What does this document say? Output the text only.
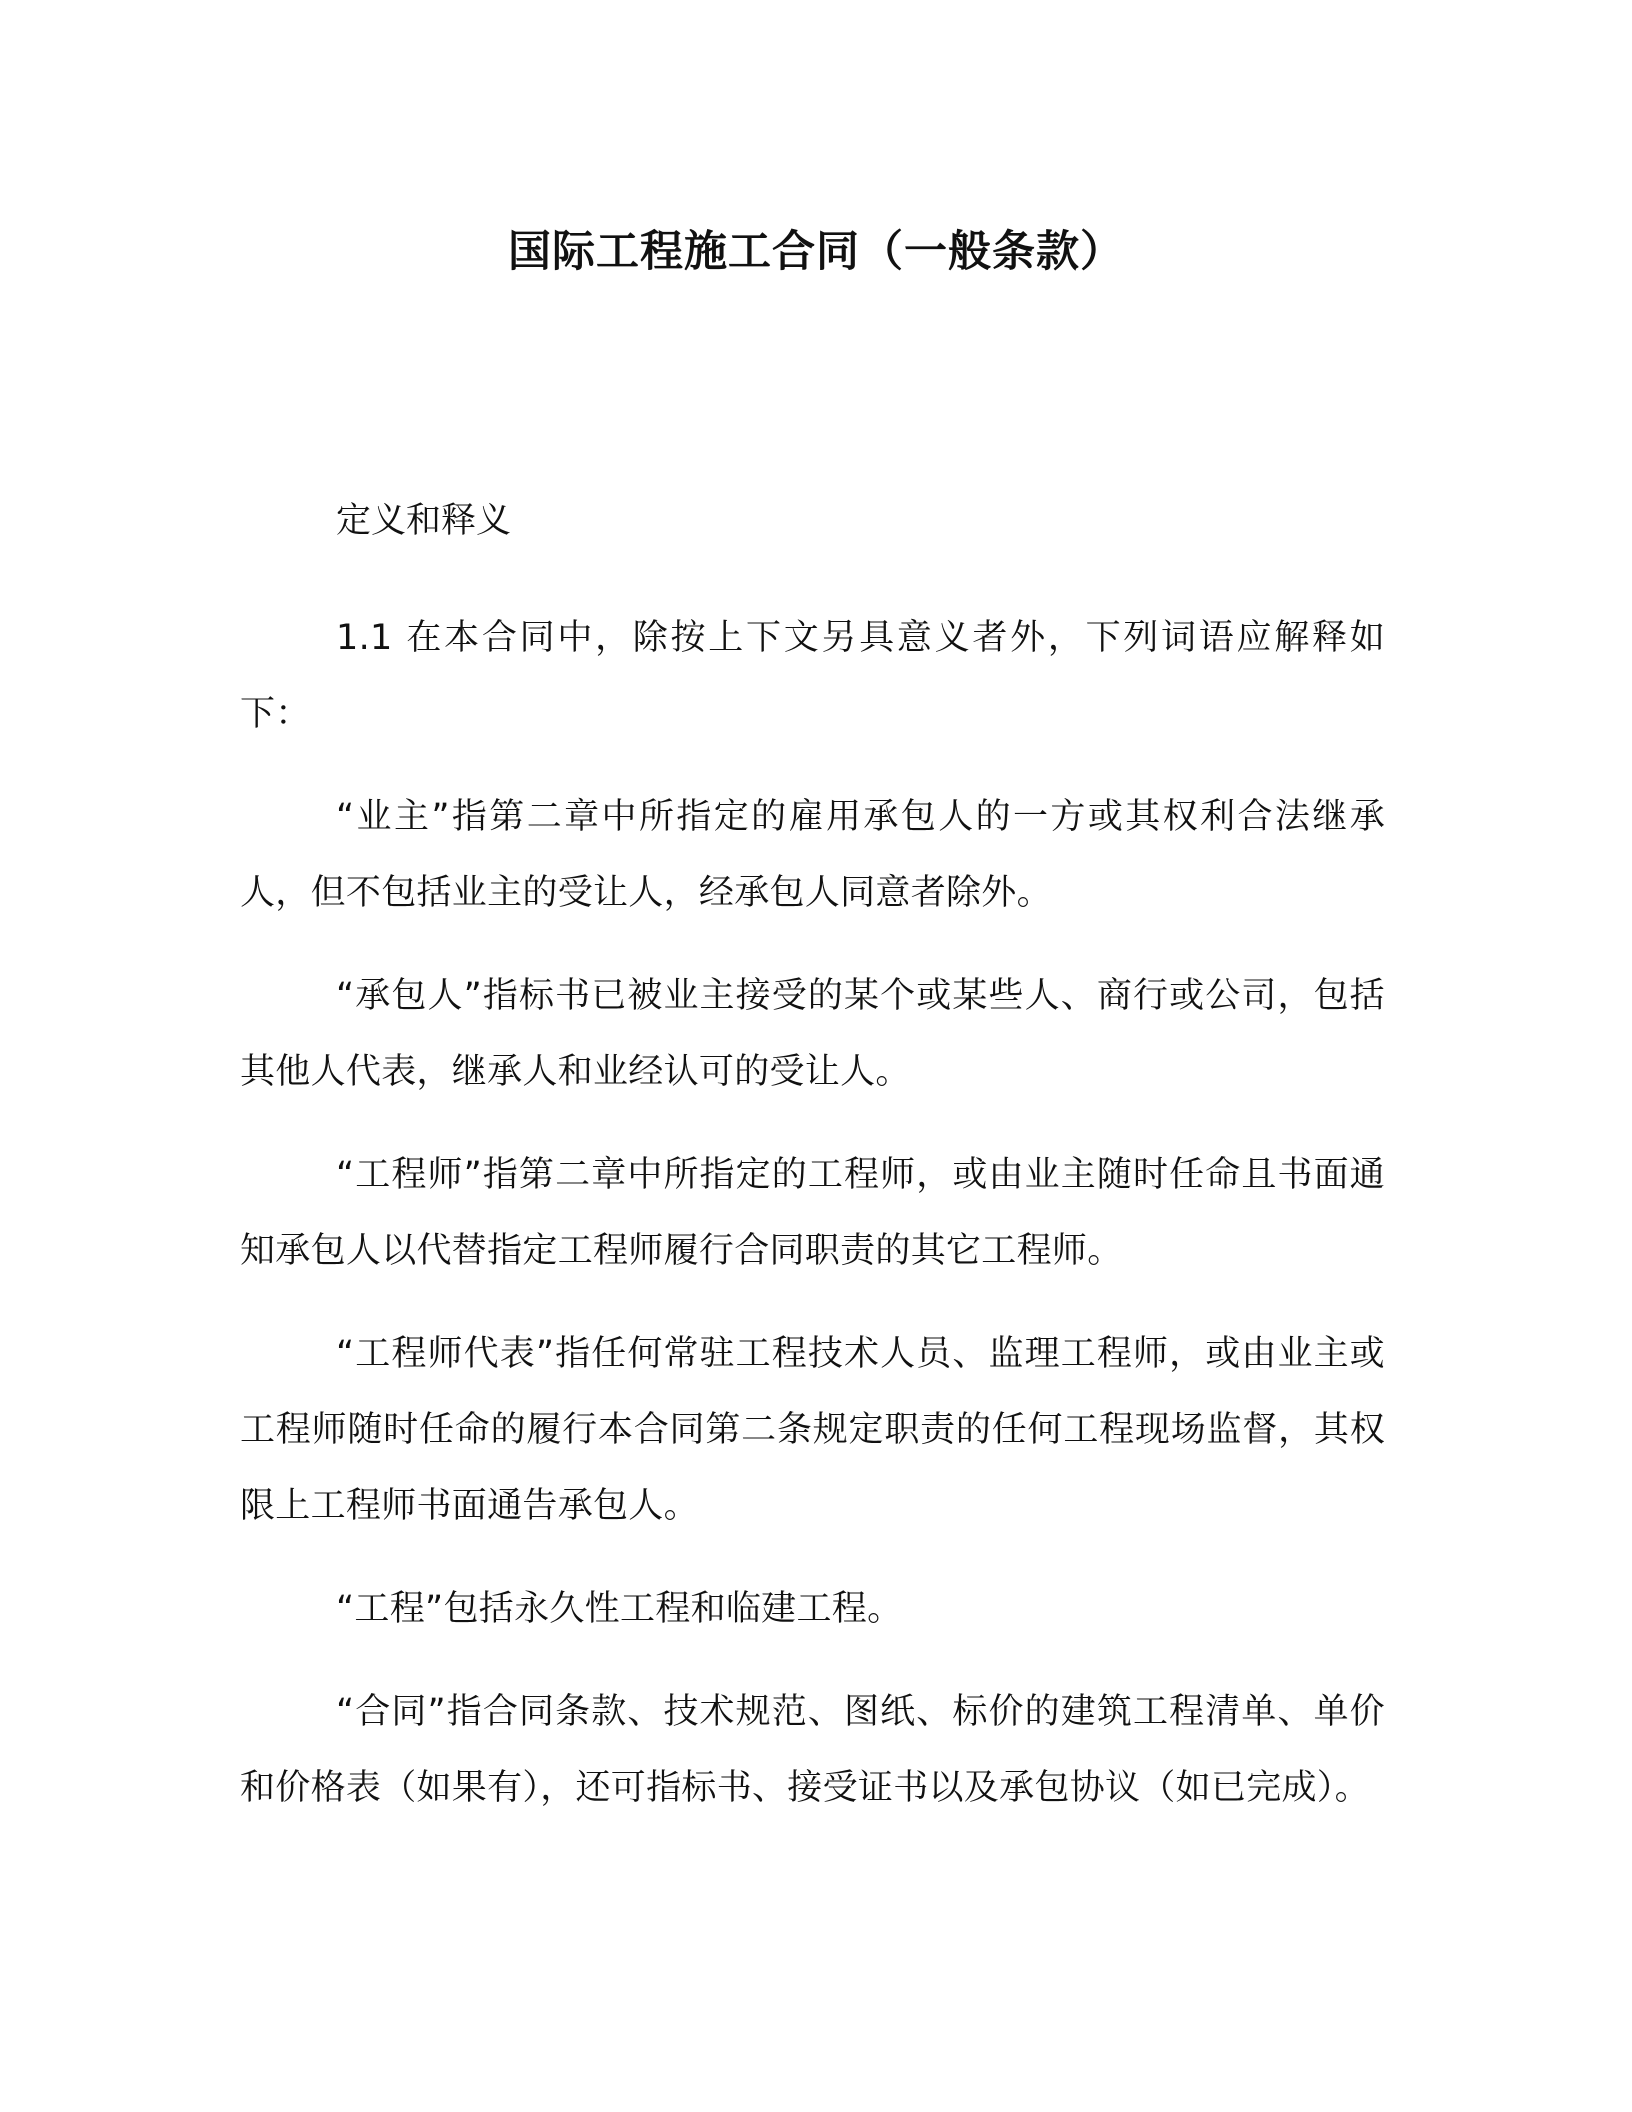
国际工程施工合同（一般条款）

定义和释义

1.1 在本合同中，除按上下文另具意义者外，下列词语应解释如下：

“业主”指第二章中所指定的雇用承包人的一方或其权利合法继承人，但不包括业主的受让人，经承包人同意者除外。

“承包人”指标书已被业主接受的某个或某些人、商行或公司，包括其他人代表，继承人和业经认可的受让人。

“工程师”指第二章中所指定的工程师，或由业主随时任命且书面通知承包人以代替指定工程师履行合同职责的其它工程师。

“工程师代表”指任何常驻工程技术人员、监理工程师，或由业主或工程师随时任命的履行本合同第二条规定职责的任何工程现场监督，其权限上工程师书面通告承包人。

“工程”包括永久性工程和临建工程。

“合同”指合同条款、技术规范、图纸、标价的建筑工程清单、单价和价格表（如果有），还可指标书、接受证书以及承包协议（如已完成）。
